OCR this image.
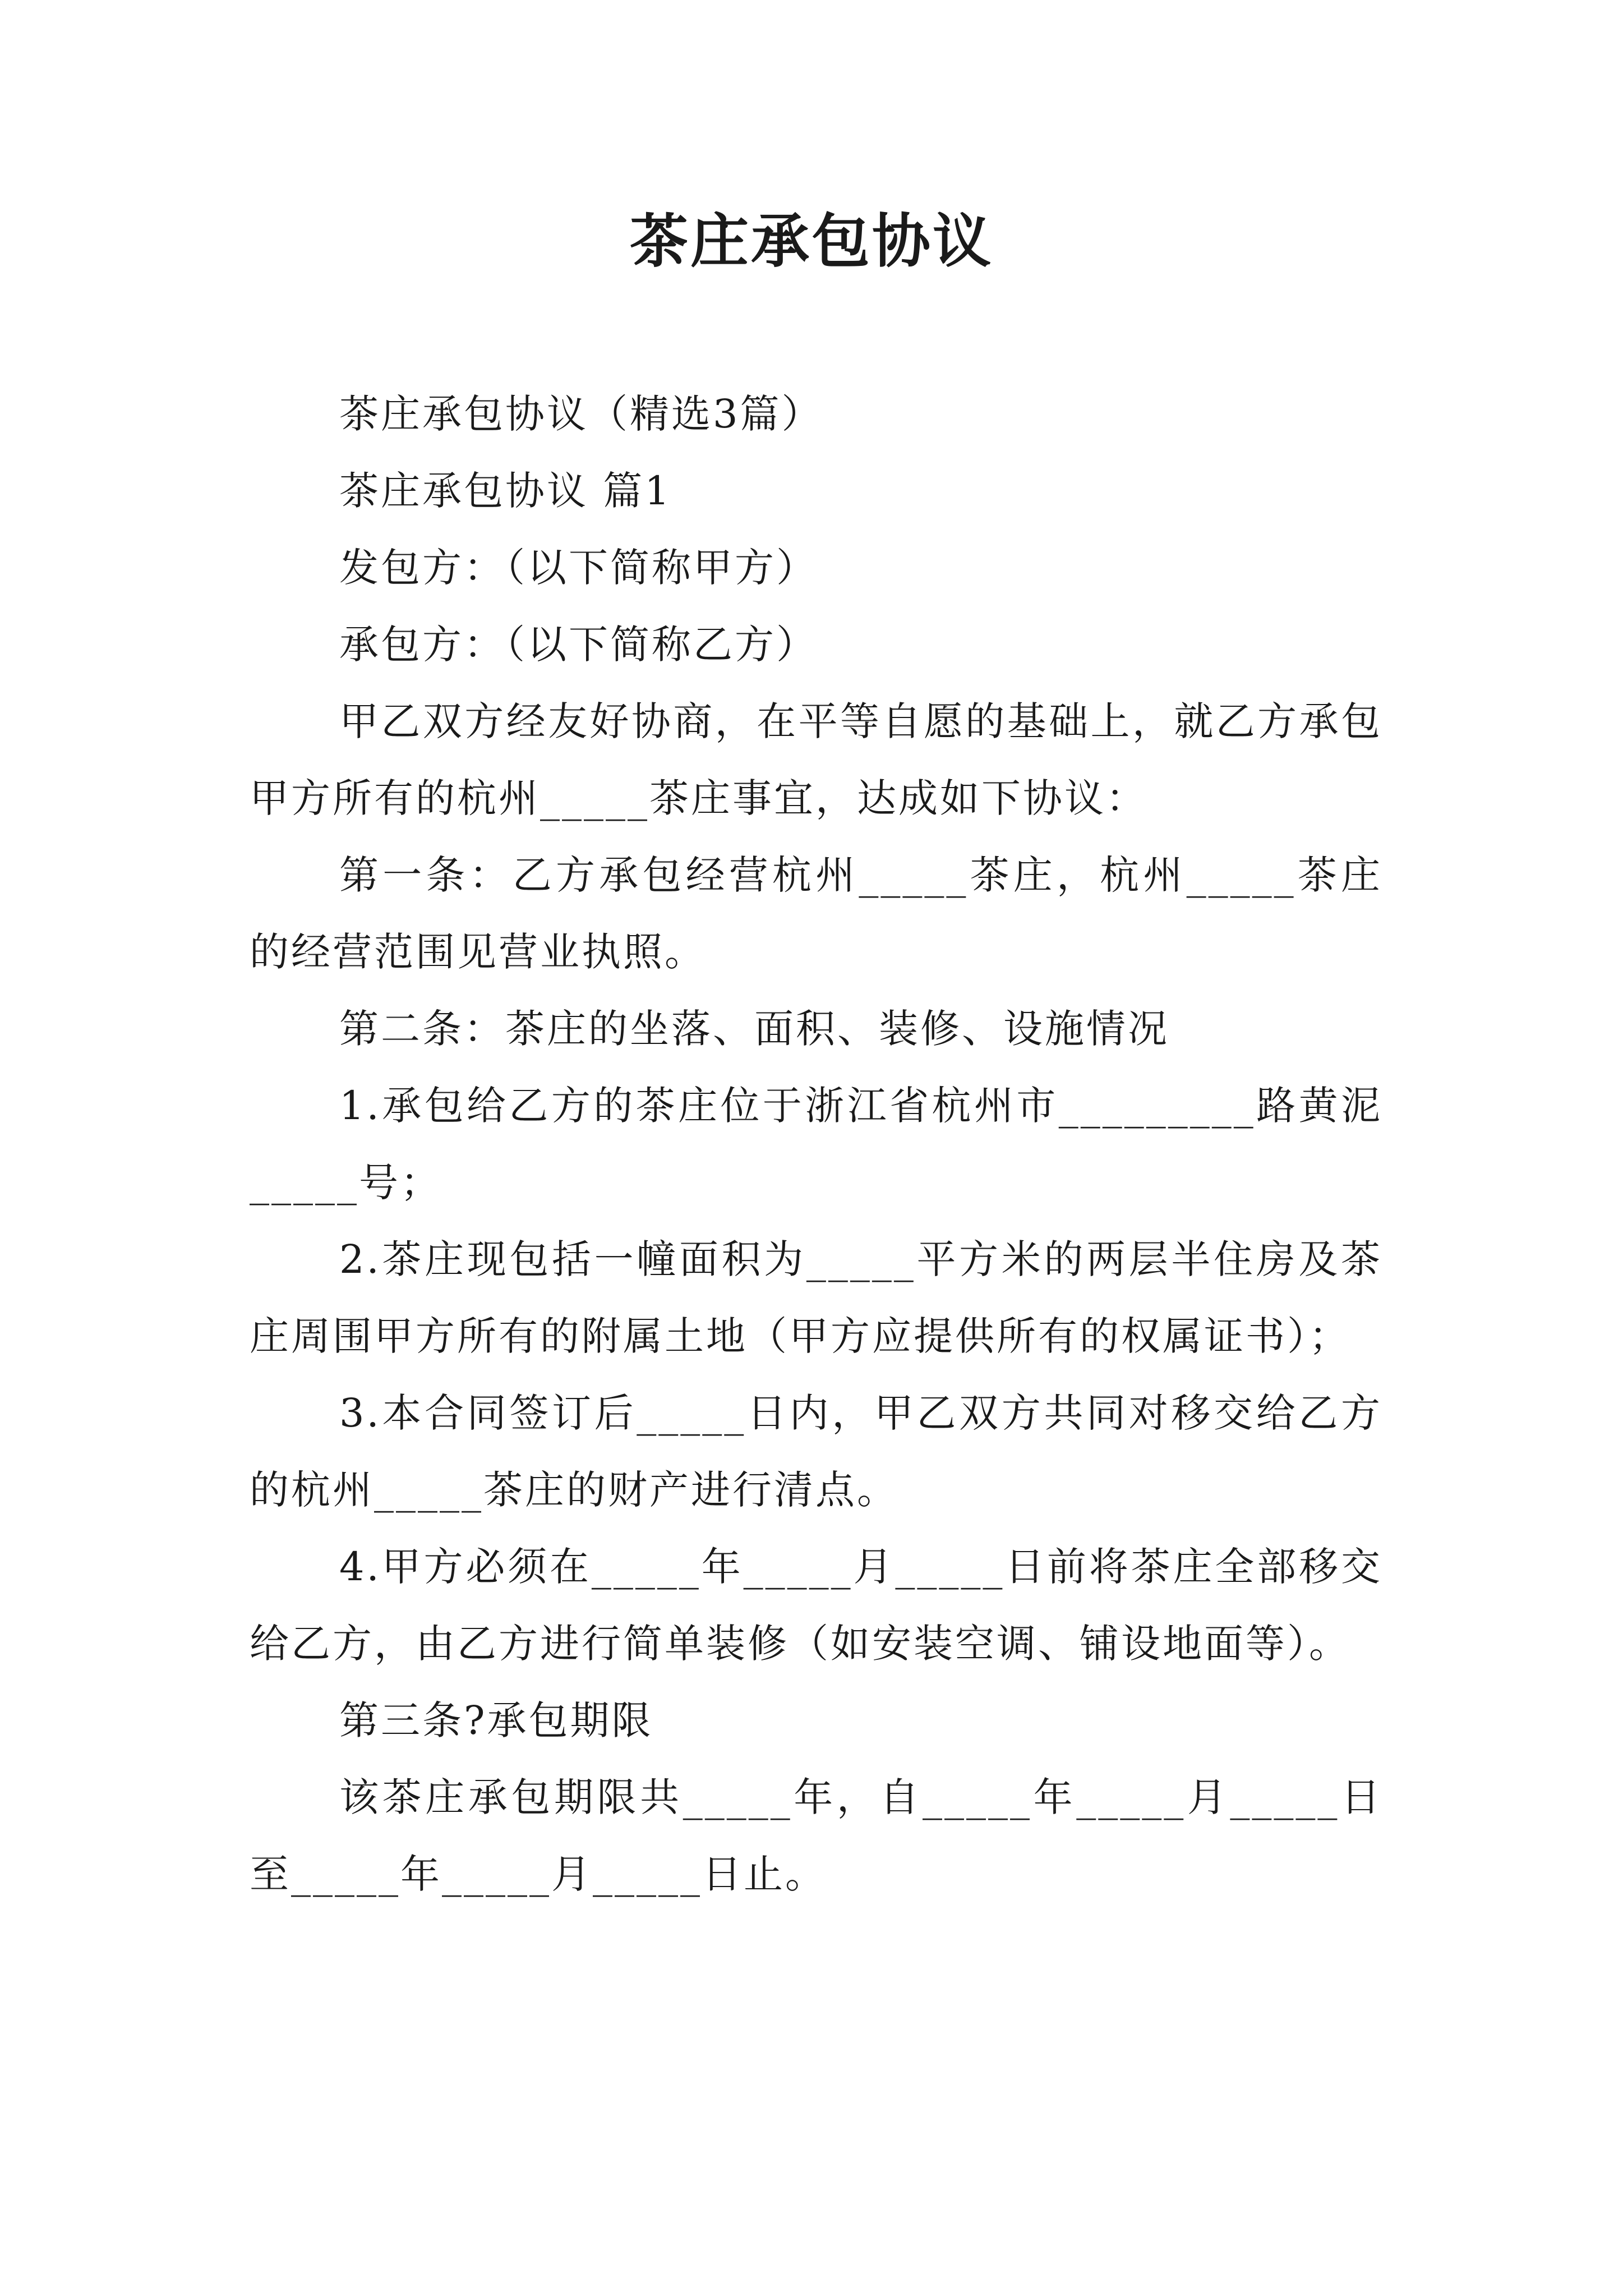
茶庄承包协议

茶庄承包协议（精选3篇）

茶庄承包协议 篇1

发包方：（以下简称甲方）

承包方：（以下简称乙方）

甲乙双方经友好协商，在平等自愿的基础上，就乙方承包甲方所有的杭州_____茶庄事宜，达成如下协议：

第一条：乙方承包经营杭州_____茶庄，杭州_____茶庄的经营范围见营业执照。

第二条：茶庄的坐落、面积、装修、设施情况

1.承包给乙方的茶庄位于浙江省杭州市_________路黄泥_____号；

2.茶庄现包括一幢面积为_____平方米的两层半住房及茶庄周围甲方所有的附属土地（甲方应提供所有的权属证书）；

3.本合同签订后_____日内，甲乙双方共同对移交给乙方的杭州_____茶庄的财产进行清点。

4.甲方必须在_____年_____月_____日前将茶庄全部移交给乙方，由乙方进行简单装修（如安装空调、铺设地面等）。

第三条?承包期限

该茶庄承包期限共_____年，自_____年_____月_____日至_____年_____月_____日止。
